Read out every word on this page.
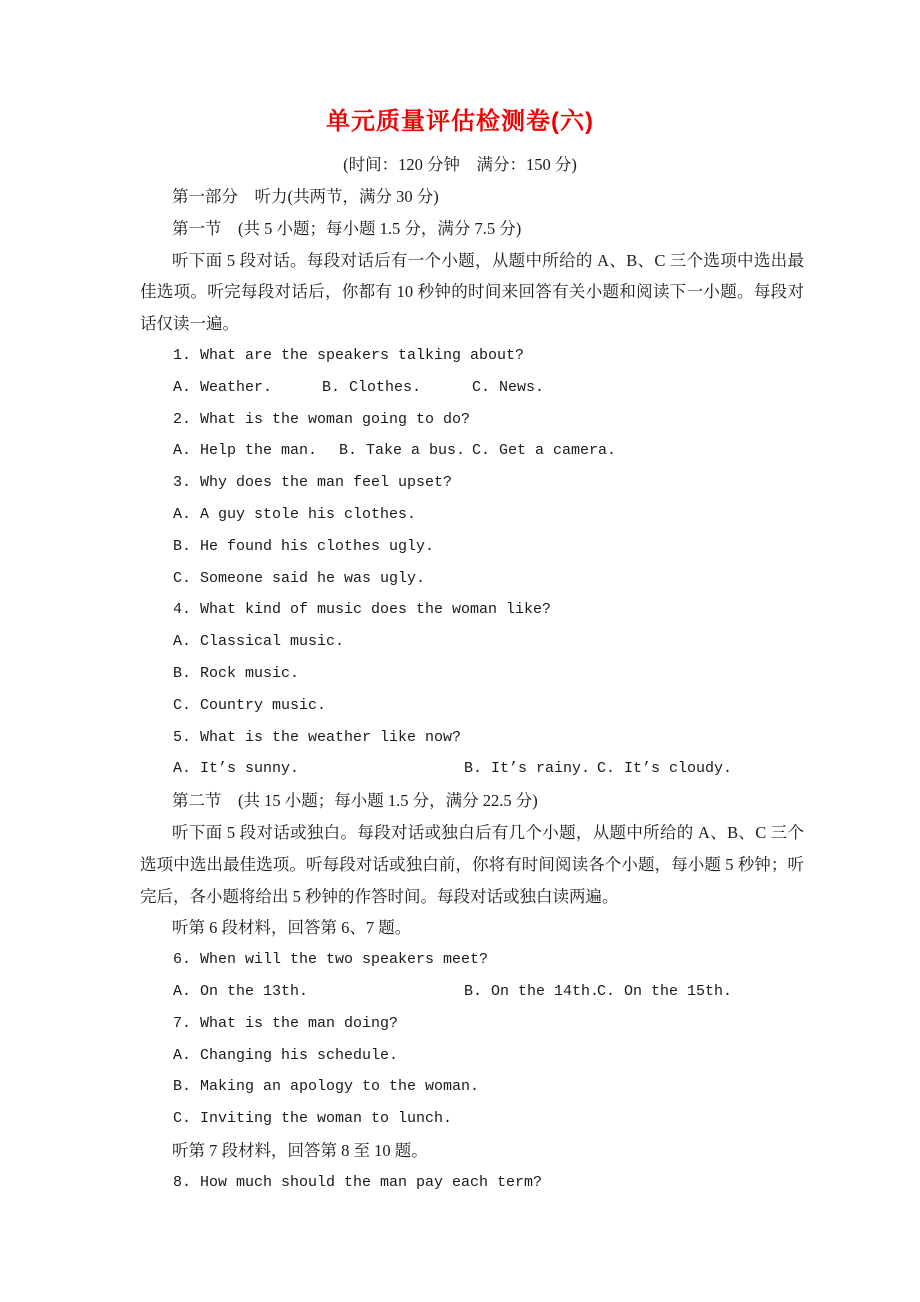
单元质量评估检测卷(六)

(时间：120 分钟　满分：150 分)

第一部分　听力(共两节，满分 30 分)
第一节　(共 5 小题；每小题 1.5 分，满分 7.5 分)

听下面 5 段对话。每段对话后有一个小题，从题中所给的 A、B、C 三个选项中选出最佳选项。听完每段对话后，你都有 10 秒钟的时间来回答有关小题和阅读下一小题。每段对话仅读一遍。

1. What are the speakers talking about?
A. Weather.	B. Clothes.	C. News.
2. What is the woman going to do?
A. Help the man.	B. Take a bus. C. Get a camera.
3. Why does the man feel upset?
A. A guy stole his clothes.
B. He found his clothes ugly.
C. Someone said he was ugly.
4. What kind of music does the woman like?
A. Classical music.
B. Rock music.
C. Country music.
5. What is the weather like now?
A. It’s sunny.	B. It’s rainy. C. It’s cloudy.
第二节　(共 15 小题；每小题 1.5 分，满分 22.5 分)

听下面 5 段对话或独白。每段对话或独白后有几个小题，从题中所给的 A、B、C 三个选项中选出最佳选项。听每段对话或独白前，你将有时间阅读各个小题，每小题 5 秒钟；听完后，各小题将给出 5 秒钟的作答时间。每段对话或独白读两遍。

听第 6 段材料，回答第 6、7 题。
6. When will the two speakers meet?
A. On the 13th.	B. On the 14th.
C. On the 15th.
7. What is the man doing?
A. Changing his schedule.
B. Making an apology to the woman.
C. Inviting the woman to lunch.
听第 7 段材料，回答第 8 至 10 题。
8. How much should the man pay each term?
